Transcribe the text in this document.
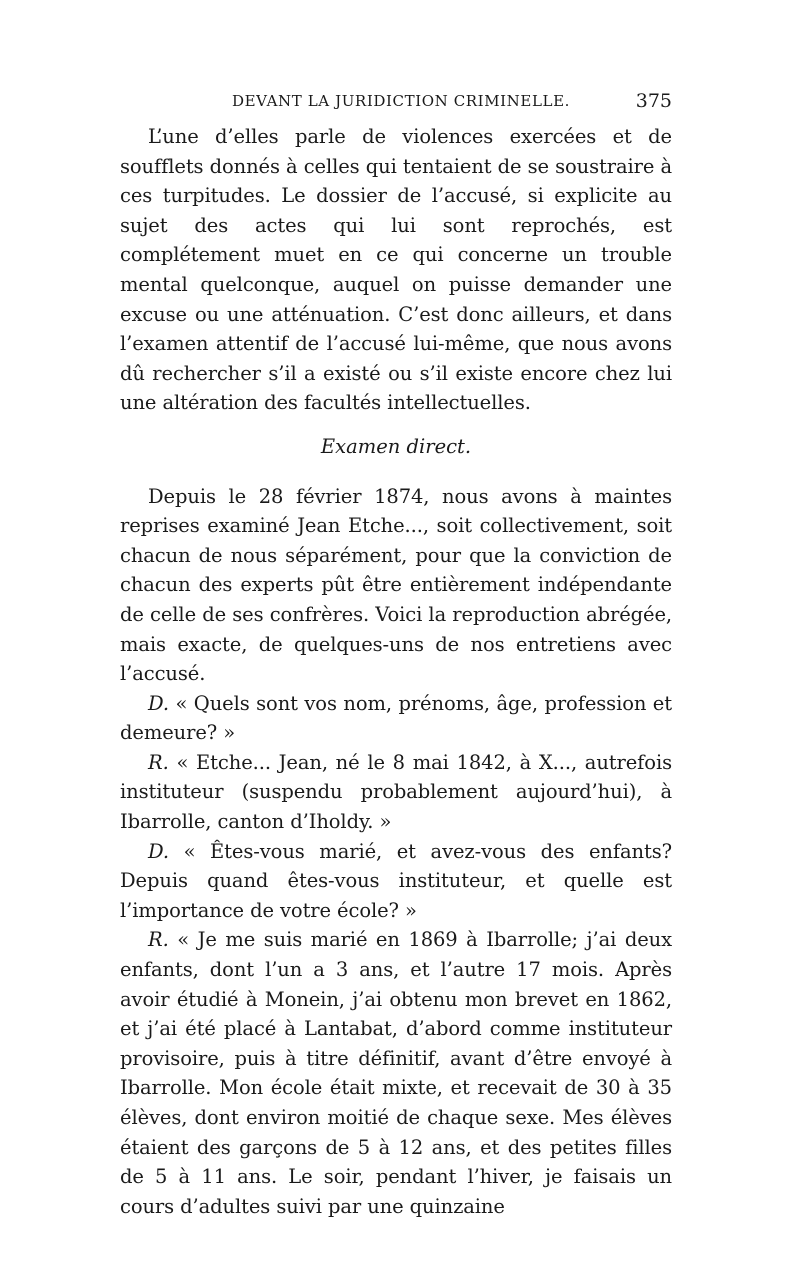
DEVANT LA JURIDICTION CRIMINELLE.	375

L’une d’elles parle de violences exercées et de soufflets donnés à celles qui tentaient de se soustraire à ces turpitudes. Le dossier de l’accusé, si explicite au sujet des actes qui lui sont reprochés, est complétement muet en ce qui concerne un trouble mental quelconque, auquel on puisse demander une excuse ou une atténuation. C’est donc ailleurs, et dans l’examen attentif de l’accusé lui-même, que nous avons dû rechercher s’il a existé ou s’il existe encore chez lui une altération des facultés intellectuelles.

Examen direct.

Depuis le 28 février 1874, nous avons à maintes reprises examiné Jean Etche..., soit collectivement, soit chacun de nous séparément, pour que la conviction de chacun des experts pût être entièrement indépendante de celle de ses confrères. Voici la reproduction abrégée, mais exacte, de quelques-uns de nos entretiens avec l’accusé.

D. « Quels sont vos nom, prénoms, âge, profession et demeure? »

R. « Etche... Jean, né le 8 mai 1842, à X..., autrefois instituteur (suspendu probablement aujourd’hui), à Ibarrolle, canton d’Iholdy. »

D. « Êtes-vous marié, et avez-vous des enfants? Depuis quand êtes-vous instituteur, et quelle est l’importance de votre école? »

R. « Je me suis marié en 1869 à Ibarrolle; j’ai deux enfants, dont l’un a 3 ans, et l’autre 17 mois. Après avoir étudié à Monein, j’ai obtenu mon brevet en 1862, et j’ai été placé à Lantabat, d’abord comme instituteur provisoire, puis à titre définitif, avant d’être envoyé à Ibarrolle. Mon école était mixte, et recevait de 30 à 35 élèves, dont environ moitié de chaque sexe. Mes élèves étaient des garçons de 5 à 12 ans, et des petites filles de 5 à 11 ans. Le soir, pendant l’hiver, je faisais un cours d’adultes suivi par une quinzaine
